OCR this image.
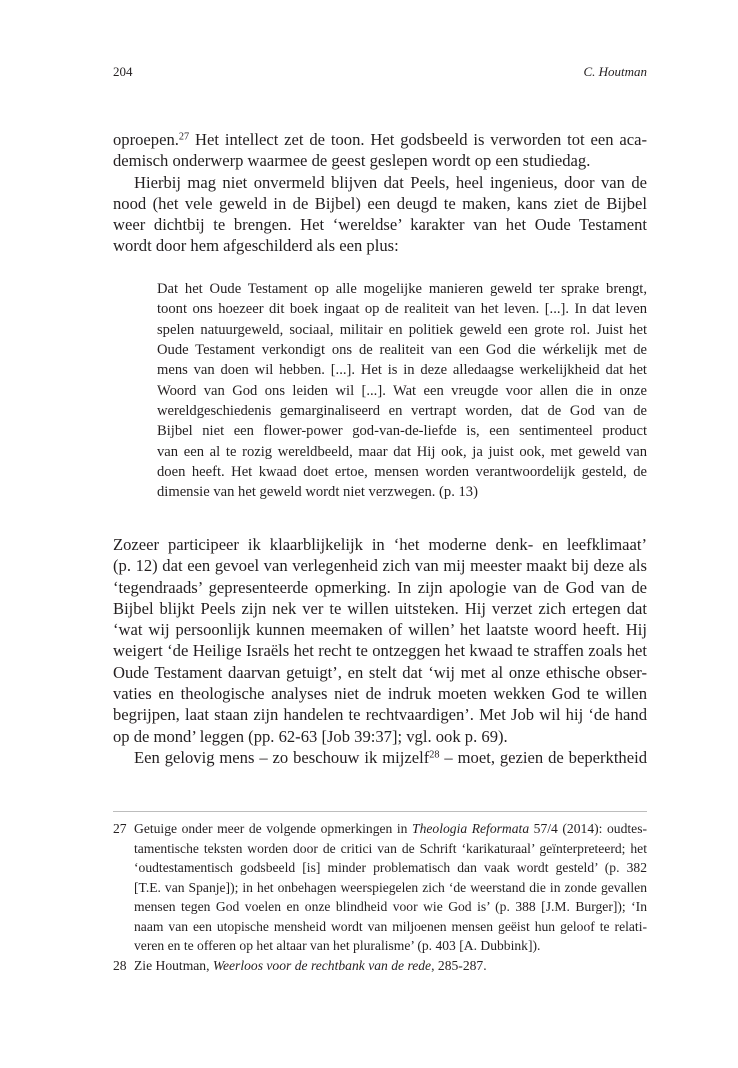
204	C. Houtman
oproepen.$^{27}$ Het intellect zet de toon. Het godsbeeld is verworden tot een aca-
demisch onderwerp waarmee de geest geslepen wordt op een studiedag.
Hierbij mag niet onvermeld blijven dat Peels, heel ingenieus, door van de
nood (het vele geweld in de Bijbel) een deugd te maken, kans ziet de Bijbel
weer dichtbij te brengen. Het ‘wereldse’ karakter van het Oude Testament
wordt door hem afgeschilderd als een plus:
Dat het Oude Testament op alle mogelijke manieren geweld ter sprake brengt,
toont ons hoezeer dit boek ingaat op de realiteit van het leven. [...]. In dat leven
spelen natuurgeweld, sociaal, militair en politiek geweld een grote rol. Juist het
Oude Testament verkondigt ons de realiteit van een God die wérkelijk met de
mens van doen wil hebben. [...]. Het is in deze alledaagse werkelijkheid dat het
Woord van God ons leiden wil [...]. Wat een vreugde voor allen die in onze
wereldgeschiedenis gemarginaliseerd en vertrapt worden, dat de God van de
Bijbel niet een flower-power god-van-de-liefde is, een sentimenteel product
van een al te rozig wereldbeeld, maar dat Hij ook, ja juist ook, met geweld van
doen heeft. Het kwaad doet ertoe, mensen worden verantwoordelijk gesteld, de
dimensie van het geweld wordt niet verzwegen. (p. 13)
Zozeer participeer ik klaarblijkelijk in ‘het moderne denk- en leefklimaat’
(p. 12) dat een gevoel van verlegenheid zich van mij meester maakt bij deze als
‘tegendraads’ gepresenteerde opmerking. In zijn apologie van de God van de
Bijbel blijkt Peels zijn nek ver te willen uitsteken. Hij verzet zich ertegen dat
‘wat wij persoonlijk kunnen meemaken of willen’ het laatste woord heeft. Hij
weigert ‘de Heilige Israëls het recht te ontzeggen het kwaad te straffen zoals het
Oude Testament daarvan getuigt’, en stelt dat ‘wij met al onze ethische obser-
vaties en theologische analyses niet de indruk moeten wekken God te willen
begrijpen, laat staan zijn handelen te rechtvaardigen’. Met Job wil hij ‘de hand
op de mond’ leggen (pp. 62-63 [Job 39:37]; vgl. ook p. 69).
Een gelovig mens – zo beschouw ik mijzelf$^{28}$ – moet, gezien de beperktheid
27 Getuige onder meer de volgende opmerkingen in Theologia Reformata 57/4 (2014): oudtes-
tamentische teksten worden door de critici van de Schrift ‘karikaturaal’ geïnterpreteerd; het
‘oudtestamentisch godsbeeld [is] minder problematisch dan vaak wordt gesteld’ (p. 382
[T.E. van Spanje]); in het onbehagen weerspiegelen zich ‘de weerstand die in zonde gevallen
mensen tegen God voelen en onze blindheid voor wie God is’ (p. 388 [J.M. Burger]); ‘In
naam van een utopische mensheid wordt van miljoenen mensen geëist hun geloof te relati-
veren en te offeren op het altaar van het pluralisme’ (p. 403 [A. Dubbink]).
28 Zie Houtman, Weerloos voor de rechtbank van de rede, 285-287.
